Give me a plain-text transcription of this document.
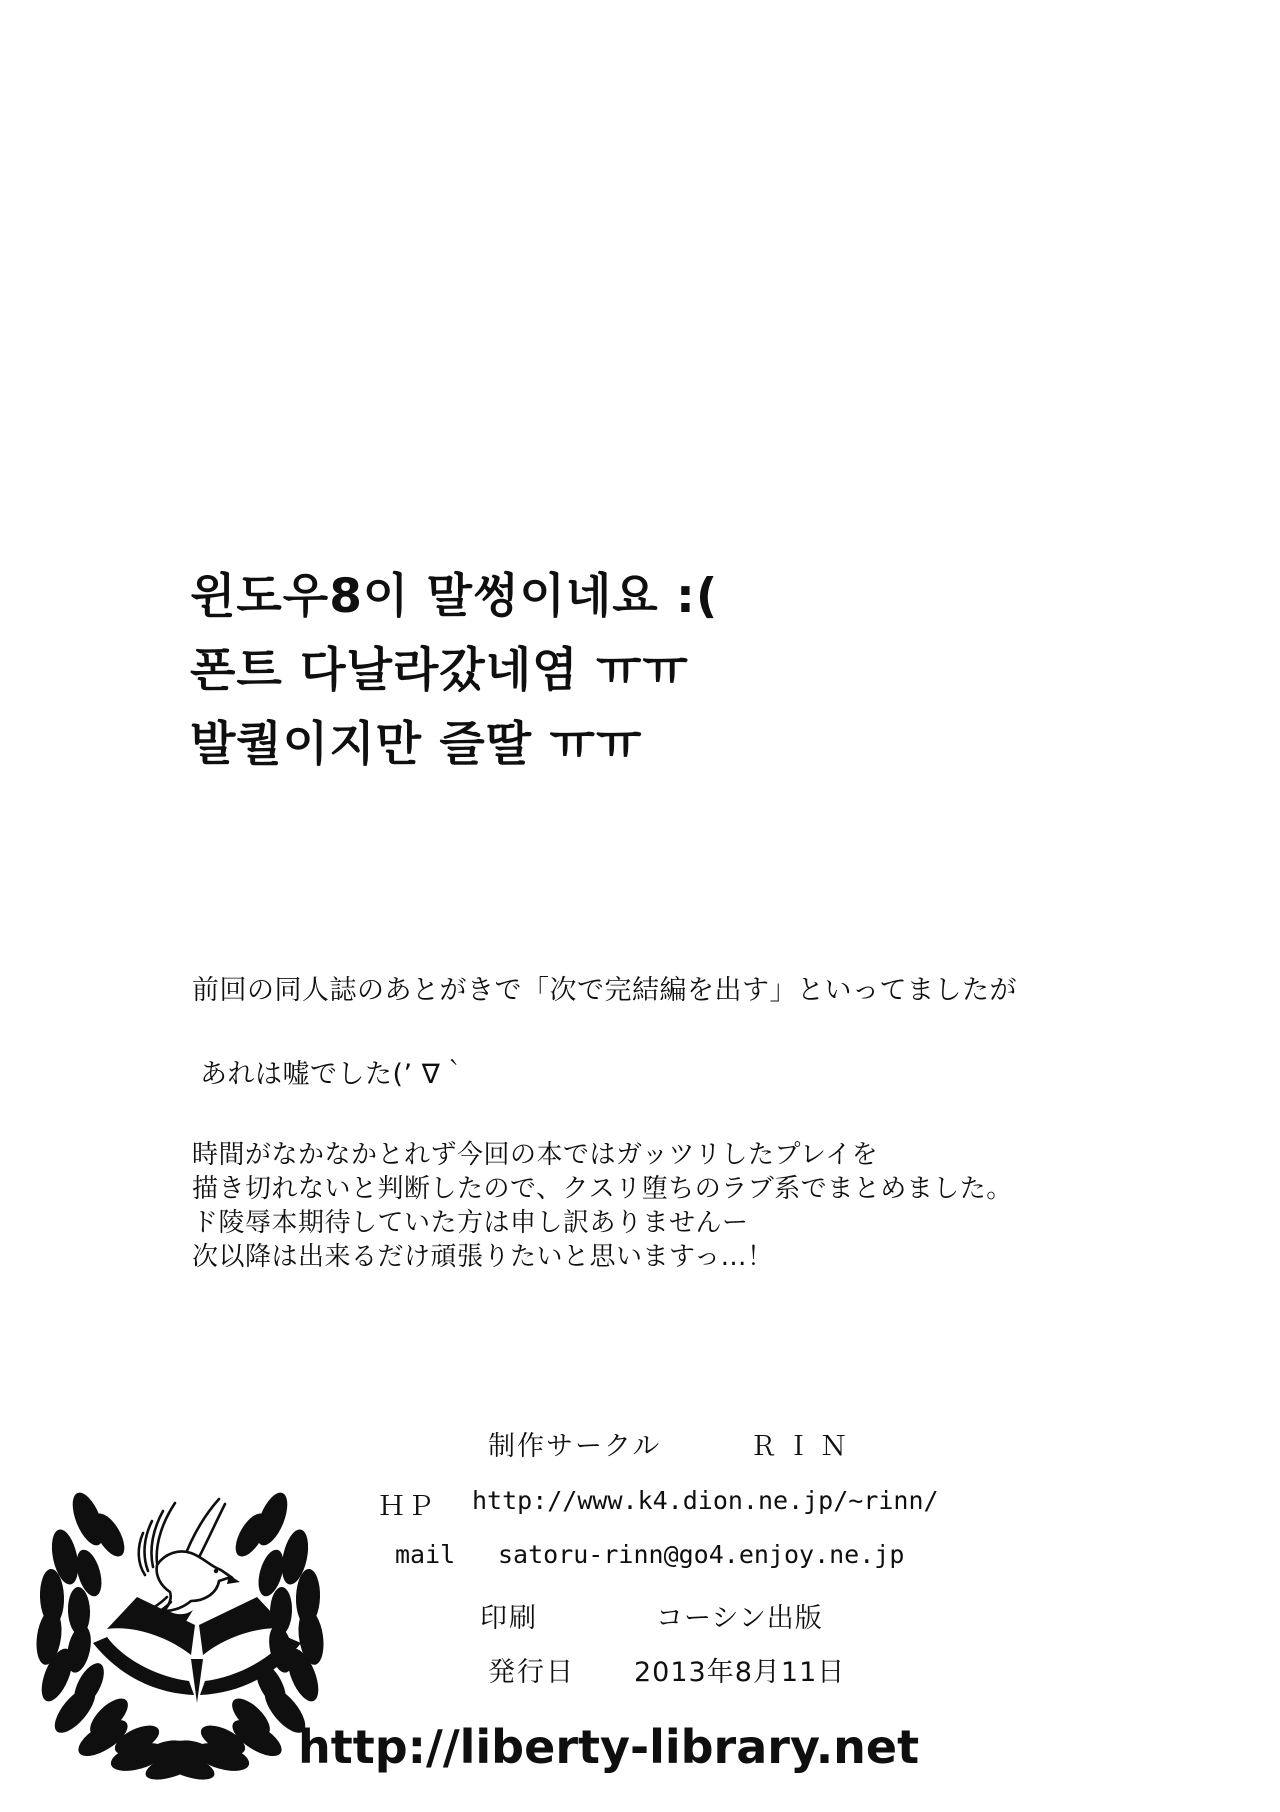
윈도우8이 말썽이네요 :(
폰트 다날라갔네염 ㅠㅠ
발퀄이지만 즐딸 ㅠㅠ
前回の同人誌のあとがきで「次で完結編を出す」といってましたが
あれは嘘でした(’ ∇｀
時間がなかなかとれず今回の本ではガッツリしたプレイを
描き切れないと判断したので、クスリ堕ちのラブ系でまとめました。
ド陵辱本期待していた方は申し訳ありませんー
次以降は出来るだけ頑張りたいと思いますっ…！
制作サークル	ＲＩＮ
ＨＰ http://www.k4.dion.ne.jp/~rinn/
mail satoru-rinn@go4.enjoy.ne.jp
印刷	コーシン出版
発行日 2013年8月11日
http://liberty-library.net
